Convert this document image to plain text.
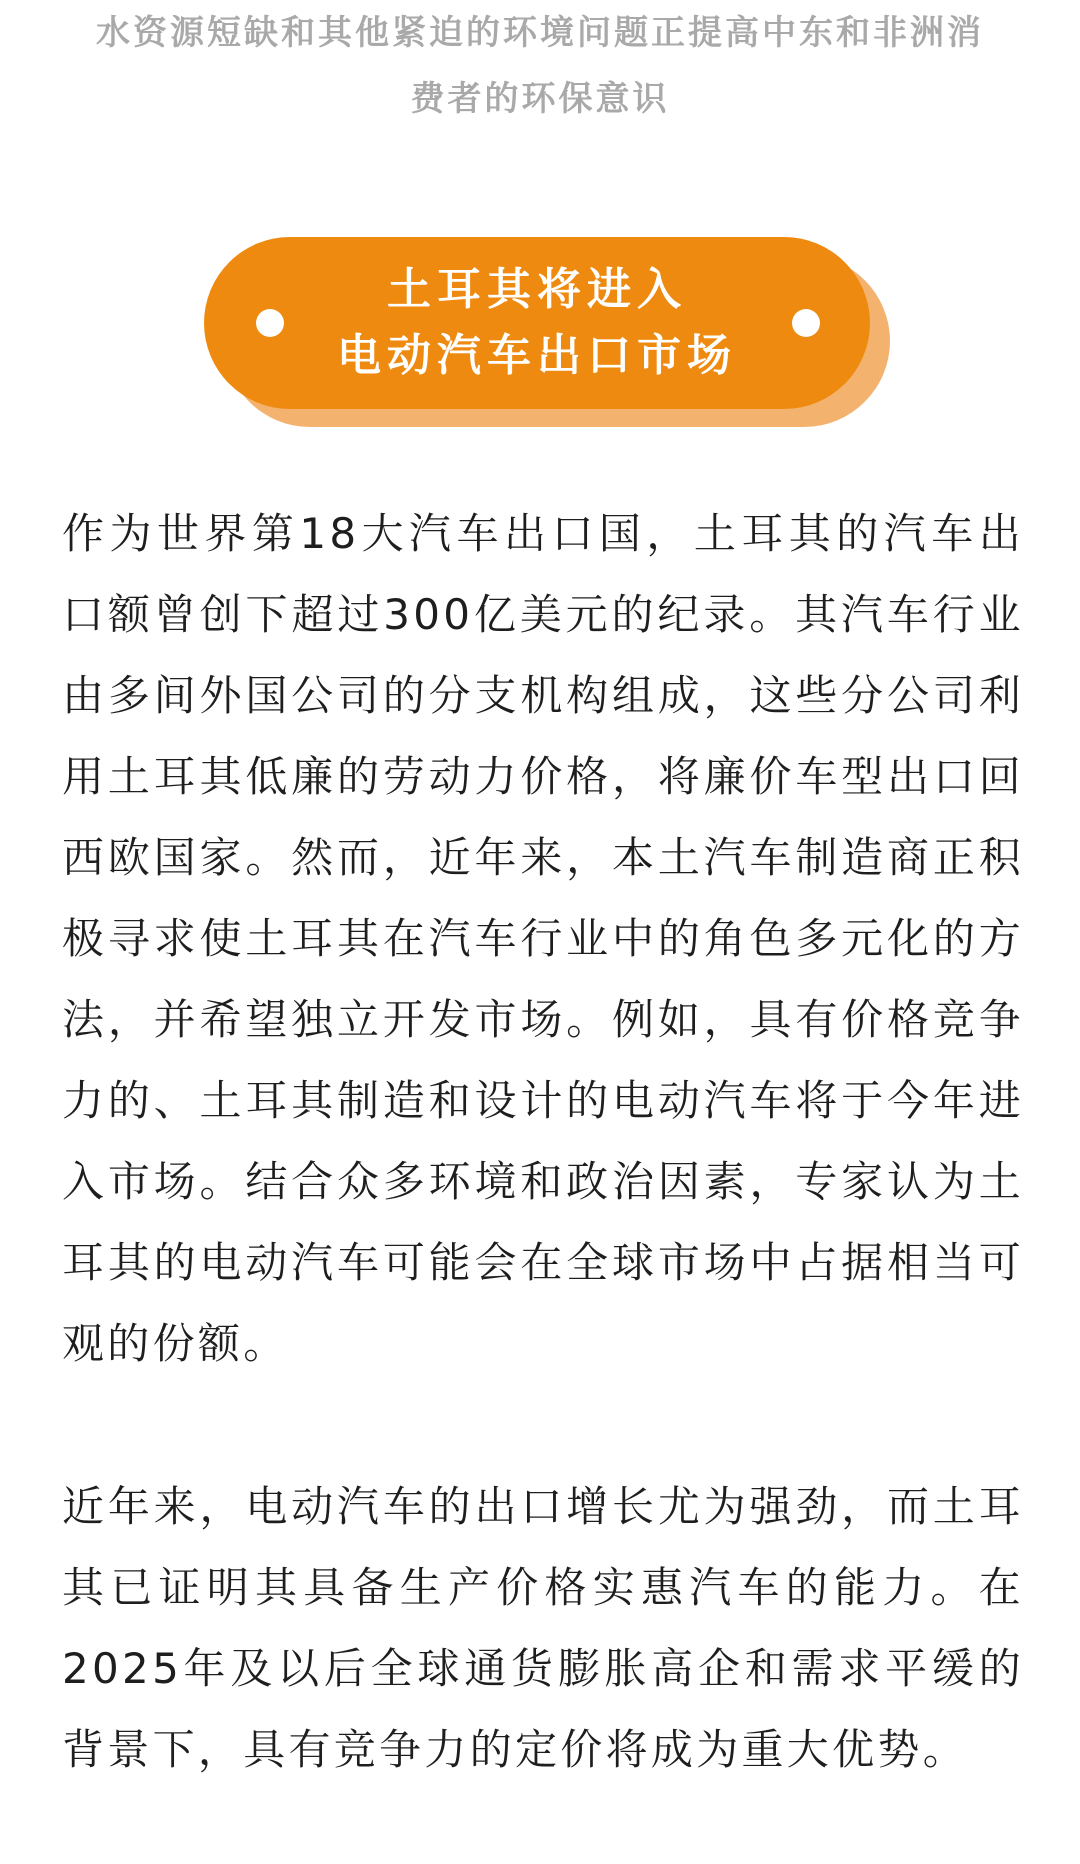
水资源短缺和其他紧迫的环境问题正提高中东和非洲消
费者的环保意识
土耳其将进入
电动汽车出口市场

作为世界第18大汽车出口国，土耳其的汽车出口额曾创下超过300亿美元的纪录。其汽车行业由多间外国公司的分支机构组成，这些分公司利用土耳其低廉的劳动力价格，将廉价车型出口回西欧国家。然而，近年来，本土汽车制造商正积极寻求使土耳其在汽车行业中的角色多元化的方法，并希望独立开发市场。例如，具有价格竞争力的、土耳其制造和设计的电动汽车将于今年进入市场。结合众多环境和政治因素，专家认为土耳其的电动汽车可能会在全球市场中占据相当可观的份额。

近年来，电动汽车的出口增长尤为强劲，而土耳其已证明其具备生产价格实惠汽车的能力。在2025年及以后全球通货膨胀高企和需求平缓的背景下，具有竞争力的定价将成为重大优势。
